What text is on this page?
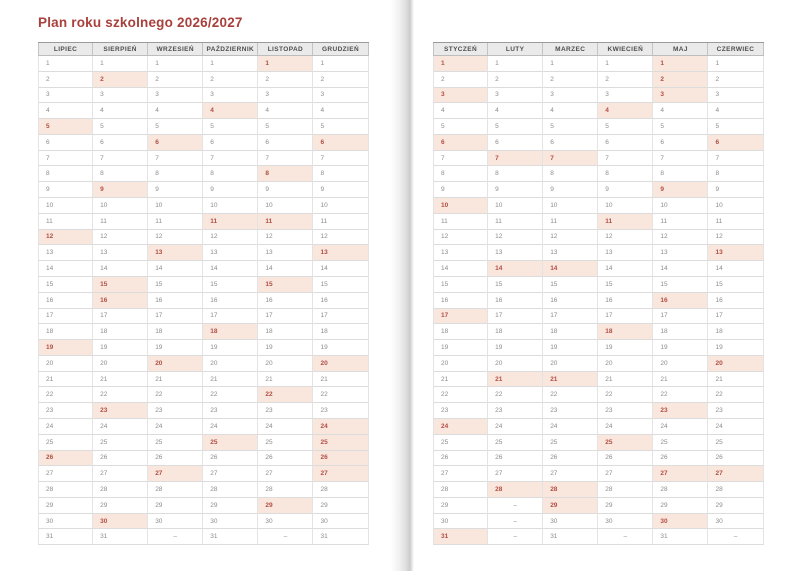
Plan roku szkolnego 2026/2027
LIPIEC	SIERPIEŃ	WRZESIEŃ	PAŹDZIERNIK	LISTOPAD	GRUDZIEŃ
1	1	1	1	1	1
2	2	2	2	2	2
3	3	3	3	3	3
4	4	4	4	4	4
5	5	5	5	5	5
6	6	6	6	6	6
7	7	7	7	7	7
8	8	8	8	8	8
9	9	9	9	9	9
10	10	10	10	10	10
11	11	11	11	11	11
12	12	12	12	12	12
13	13	13	13	13	13
14	14	14	14	14	14
15	15	15	15	15	15
16	16	16	16	16	16
17	17	17	17	17	17
18	18	18	18	18	18
19	19	19	19	19	19
20	20	20	20	20	20
21	21	21	21	21	21
22	22	22	22	22	22
23	23	23	23	23	23
24	24	24	24	24	24
25	25	25	25	25	25
26	26	26	26	26	26
27	27	27	27	27	27
28	28	28	28	28	28
29	29	29	29	29	29
30	30	30	30	30	30
31	31	–	31	–	31
STYCZEŃ	LUTY	MARZEC	KWIECIEŃ	MAJ	CZERWIEC
1	1	1	1	1	1
2	2	2	2	2	2
3	3	3	3	3	3
4	4	4	4	4	4
5	5	5	5	5	5
6	6	6	6	6	6
7	7	7	7	7	7
8	8	8	8	8	8
9	9	9	9	9	9
10	10	10	10	10	10
11	11	11	11	11	11
12	12	12	12	12	12
13	13	13	13	13	13
14	14	14	14	14	14
15	15	15	15	15	15
16	16	16	16	16	16
17	17	17	17	17	17
18	18	18	18	18	18
19	19	19	19	19	19
20	20	20	20	20	20
21	21	21	21	21	21
22	22	22	22	22	22
23	23	23	23	23	23
24	24	24	24	24	24
25	25	25	25	25	25
26	26	26	26	26	26
27	27	27	27	27	27
28	28	28	28	28	28
29	–	29	29	29	29
30	–	30	30	30	30
31	–	31	–	31	–
